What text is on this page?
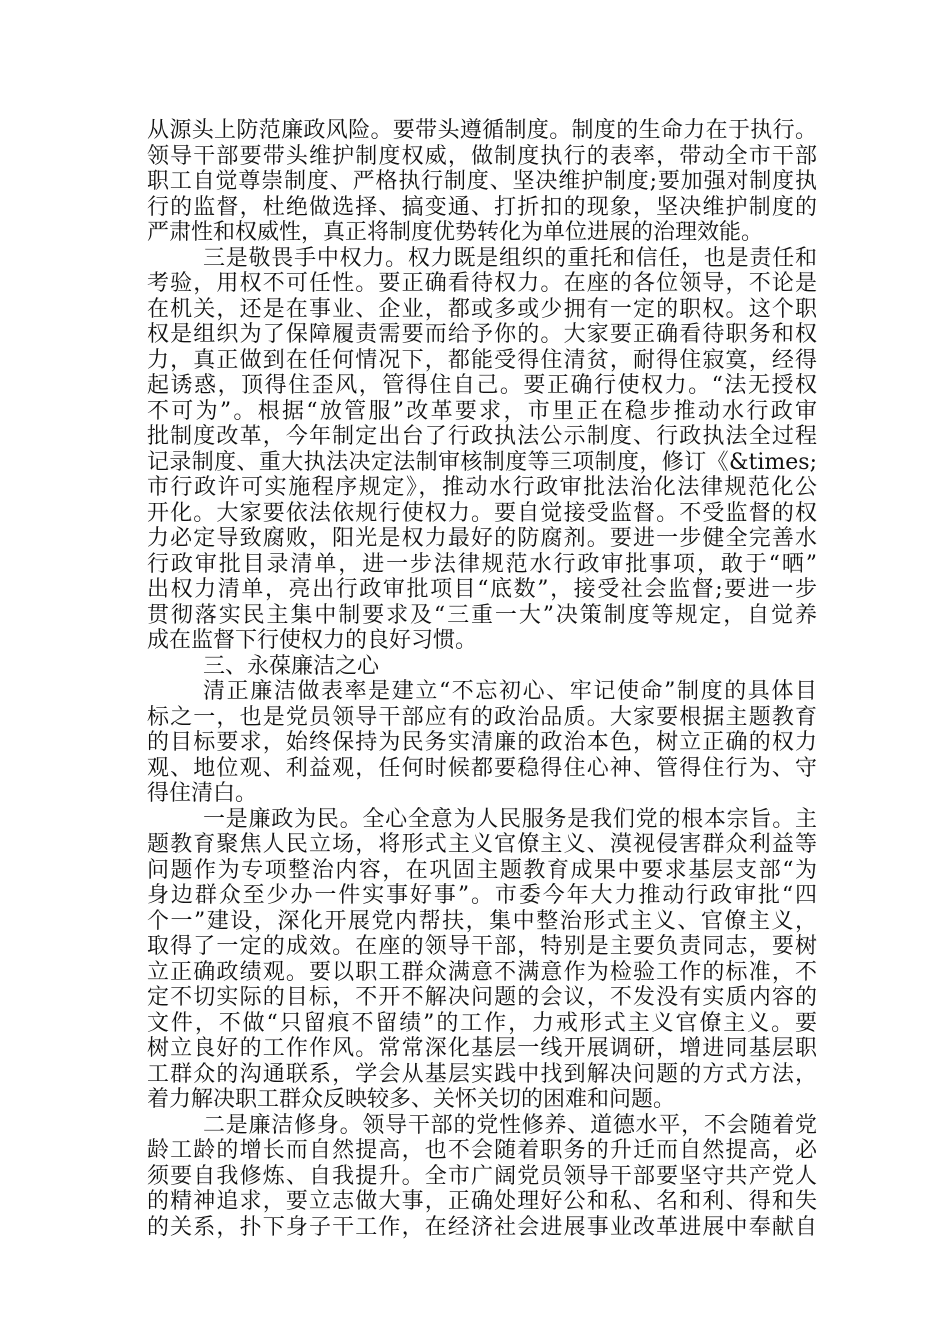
从源头上防范廉政风险。要带头遵循制度。制度的生命力在于执行。
领导干部要带头维护制度权威，做制度执行的表率，带动全市干部
职工自觉尊崇制度、严格执行制度、坚决维护制度;要加强对制度执
行的监督，杜绝做选择、搞变通、打折扣的现象，坚决维护制度的
严肃性和权威性，真正将制度优势转化为单位进展的治理效能。
三是敬畏手中权力。权力既是组织的重托和信任，也是责任和
考验，用权不可任性。要正确看待权力。在座的各位领导，不论是
在机关，还是在事业、企业，都或多或少拥有一定的职权。这个职
权是组织为了保障履责需要而给予你的。大家要正确看待职务和权
力，真正做到在任何情况下，都能受得住清贫，耐得住寂寞，经得
起诱惑，顶得住歪风，管得住自己。要正确行使权力。“法无授权
不可为”。根据“放管服”改革要求，市里正在稳步推动水行政审
批制度改革，今年制定出台了行政执法公示制度、行政执法全过程
记录制度、重大执法决定法制审核制度等三项制度，修订《&times;
市行政许可实施程序规定》，推动水行政审批法治化法律规范化公
开化。大家要依法依规行使权力。要自觉接受监督。不受监督的权
力必定导致腐败，阳光是权力最好的防腐剂。要进一步健全完善水
行政审批目录清单，进一步法律规范水行政审批事项，敢于“晒”
出权力清单，亮出行政审批项目“底数”，接受社会监督;要进一步
贯彻落实民主集中制要求及“三重一大”决策制度等规定，自觉养
成在监督下行使权力的良好习惯。
三、永葆廉洁之心
清正廉洁做表率是建立“不忘初心、牢记使命”制度的具体目
标之一，也是党员领导干部应有的政治品质。大家要根据主题教育
的目标要求，始终保持为民务实清廉的政治本色，树立正确的权力
观、地位观、利益观，任何时候都要稳得住心神、管得住行为、守
得住清白。
一是廉政为民。全心全意为人民服务是我们党的根本宗旨。主
题教育聚焦人民立场，将形式主义官僚主义、漠视侵害群众利益等
问题作为专项整治内容，在巩固主题教育成果中要求基层支部“为
身边群众至少办一件实事好事”。市委今年大力推动行政审批“四
个一”建设，深化开展党内帮扶，集中整治形式主义、官僚主义，
取得了一定的成效。在座的领导干部，特别是主要负责同志，要树
立正确政绩观。要以职工群众满意不满意作为检验工作的标准，不
定不切实际的目标，不开不解决问题的会议，不发没有实质内容的
文件，不做“只留痕不留绩”的工作，力戒形式主义官僚主义。要
树立良好的工作作风。常常深化基层一线开展调研，增进同基层职
工群众的沟通联系，学会从基层实践中找到解决问题的方式方法，
着力解决职工群众反映较多、关怀关切的困难和问题。
二是廉洁修身。领导干部的党性修养、道德水平，不会随着党
龄工龄的增长而自然提高，也不会随着职务的升迁而自然提高，必
须要自我修炼、自我提升。全市广阔党员领导干部要坚守共产党人
的精神追求，要立志做大事，正确处理好公和私、名和利、得和失
的关系，扑下身子干工作，在经济社会进展事业改革进展中奉献自
